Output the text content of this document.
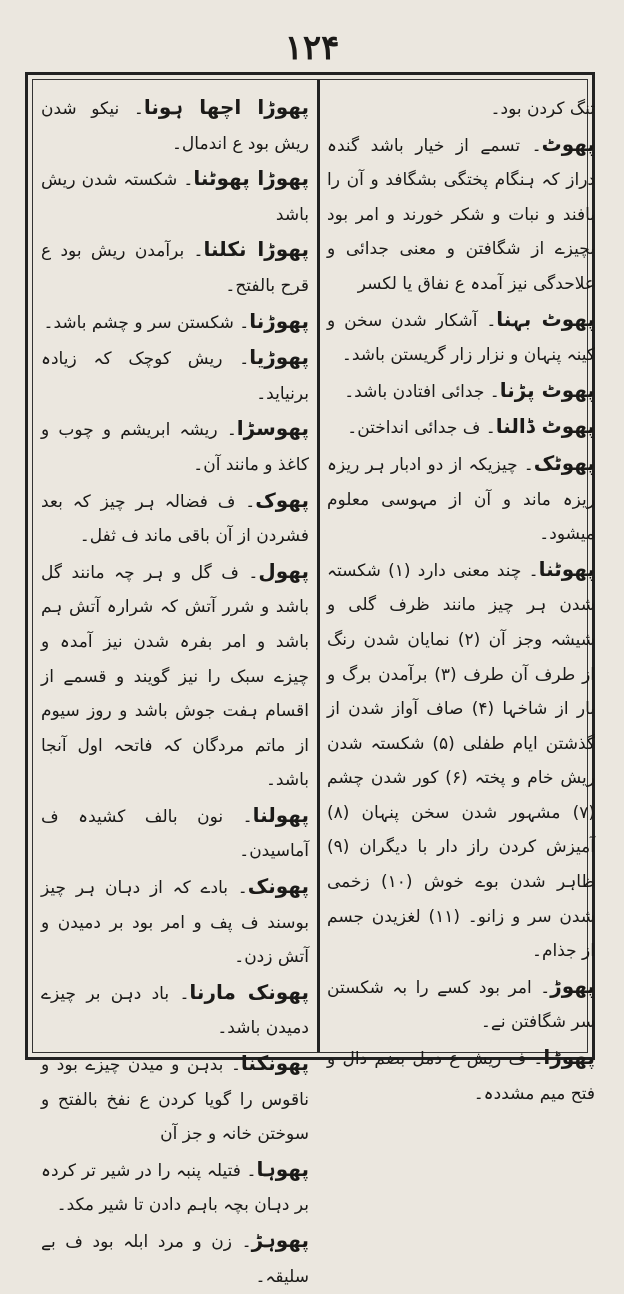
۱۲۴

تنگ کردن بود۔

پھوٹ۔ تسمے از خیار باشد گندہ دراز کہ ہنگام پختگی بشگافد و آن را بافند و نبات و شکر خورند و امر بود بچیزے از شگافتن و معنی جدائی و علاحدگی نیز آمدہ ع نفاق یا لکسر

پھوٹ بہنا۔ آشکار شدن سخن و کینہ پنہان و نزار زار گریستن باشد۔

پھوٹ پڑنا۔ جدائی افتادن باشد۔

پھوٹ ڈالنا۔ ف جدائی انداختن۔

پھوٹک۔ چیزیکہ از دو ادبار ہر ریزہ ریزہ ماند و آن از مہوسی معلوم میشود۔

پھوٹنا۔ چند معنی دارد (۱) شکستہ شدن ہر چیز مانند ظرف گلی و شیشہ وجز آن (۲) نمایان شدن رنگ از طرف آن طرف (۳) برآمدن برگ و بار از شاخہا (۴) صاف آواز شدن از گذشتن ایام طفلی (۵) شکستہ شدن ریش خام و پختہ (۶) کور شدن چشم (۷) مشہور شدن سخن پنہان (۸) آمیزش کردن راز دار با دیگران (۹) ظاہر شدن بوے خوش (۱۰) زخمی شدن سر و زانو۔ (۱۱) لغزیدن جسم از جذام۔

پھوڑ۔ امر بود کسے را بہ شکستن سر شگافتن نے۔

پھوڑا۔ ف ریش ع دمل بضم دال و فتح میم مشددہ۔

پھوڑا اچھا ہونا۔ نیکو شدن ریش بود ع اندمال۔

پھوڑا پھوٹنا۔ شکستہ شدن ریش باشد

پھوڑا نکلنا۔ برآمدن ریش بود ع قرح بالفتح۔

پھوڑنا۔ شکستن سر و چشم باشد۔

پھوڑیا۔ ریش کوچک کہ زیادہ برنیاید۔

پھوسڑا۔ ریشہ ابریشم و چوب و کاغذ و مانند آن۔

پھوک۔ ف فضالہ ہر چیز کہ بعد فشردن از آن باقی ماند ف ثفل۔

پھول۔ ف گل و ہر چہ مانند گل باشد و شرر آتش کہ شرارہ آتش ہم باشد و امر بفرہ شدن نیز آمدہ و چیزے سبک را نیز گویند و قسمے از اقسام ہفت جوش باشد و روز سیوم از ماتم مردگان کہ فاتحہ اول آنجا باشد۔

پھولنا۔ نون بالف کشیدہ ف آماسیدن۔

پھونک۔ بادے کہ از دہان ہر چیز بوسند ف پف و امر بود بر دمیدن و آتش زدن۔

پھونک مارنا۔ باد دہن بر چیزے دمیدن باشد۔

پھونکنا۔ بدہن و میدن چیزے بود و ناقوس را گویا کردن ع نفخ بالفتح و سوختن خانہ و جز آن

پھوہا۔ فتیلہ پنبہ را در شیر تر کردہ بر دہان بچہ باہم دادن تا شیر مکد۔

پھوہڑ۔ زن و مرد ابلہ بود ف بے سلیقہ۔
